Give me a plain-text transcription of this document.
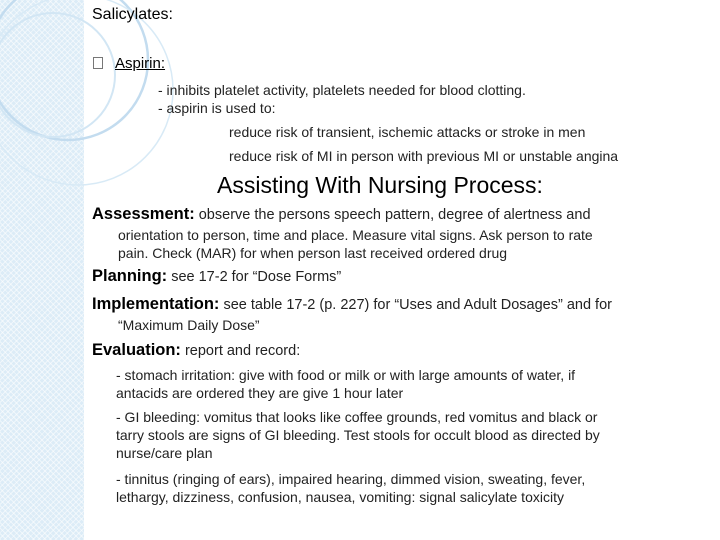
Salicylates:
Aspirin:
- inhibits platelet activity, platelets needed for blood clotting.
- aspirin is used to:
reduce risk of transient, ischemic attacks or stroke in men
reduce risk of MI in person with previous MI or unstable angina
Assisting With Nursing Process:
Assessment: observe the persons speech pattern, degree of alertness and
orientation to person, time and place. Measure vital signs. Ask person to rate
pain. Check (MAR) for when person last received ordered drug
Planning: see 17-2 for “Dose Forms”
Implementation: see table 17-2 (p. 227) for “Uses and Adult Dosages” and for
“Maximum Daily Dose”
Evaluation: report and record:
- stomach irritation: give with food or milk or with large amounts of water, if
antacids are ordered they are give 1 hour later
- GI bleeding: vomitus that looks like coffee grounds, red vomitus and black or
tarry stools are signs of GI bleeding. Test stools for occult blood as directed by
nurse/care plan
- tinnitus (ringing of ears), impaired hearing, dimmed vision, sweating, fever,
lethargy, dizziness, confusion, nausea, vomiting: signal salicylate toxicity
